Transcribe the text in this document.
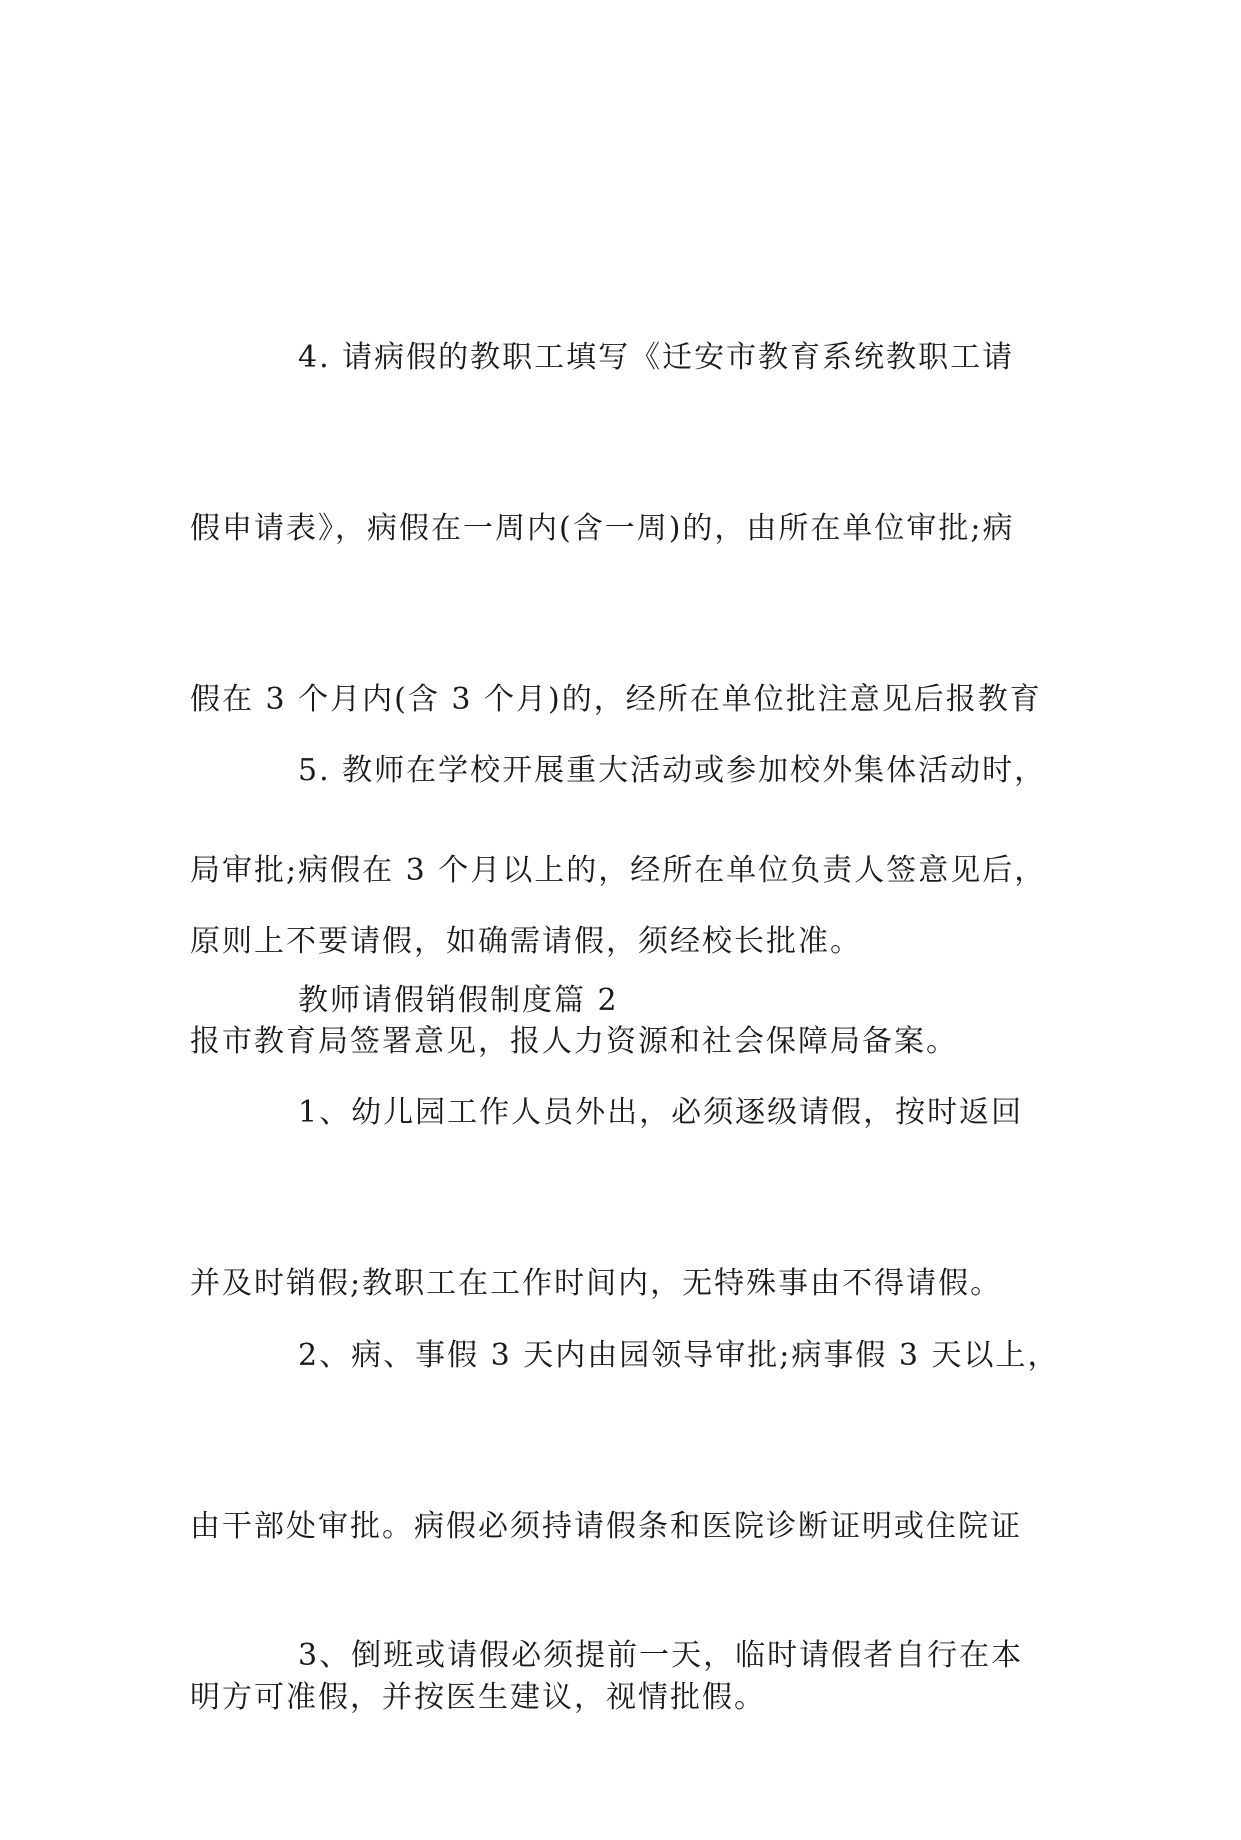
4. 请病假的教职工填写《迁安市教育系统教职工请

假申请表》，病假在一周内(含一周)的，由所在单位审批;病

假在 3 个月内(含 3 个月)的，经所在单位批注意见后报教育

局审批;病假在 3 个月以上的，经所在单位负责人签意见后，

报市教育局签署意见，报人力资源和社会保障局备案。

5. 教师在学校开展重大活动或参加校外集体活动时，

原则上不要请假，如确需请假，须经校长批准。

教师请假销假制度篇 2

1、幼儿园工作人员外出，必须逐级请假，按时返回

并及时销假;教职工在工作时间内，无特殊事由不得请假。

2、病、事假 3 天内由园领导审批;病事假 3 天以上，

由干部处审批。病假必须持请假条和医院诊断证明或住院证

明方可准假，并按医生建议，视情批假。

3、倒班或请假必须提前一天，临时请假者自行在本
